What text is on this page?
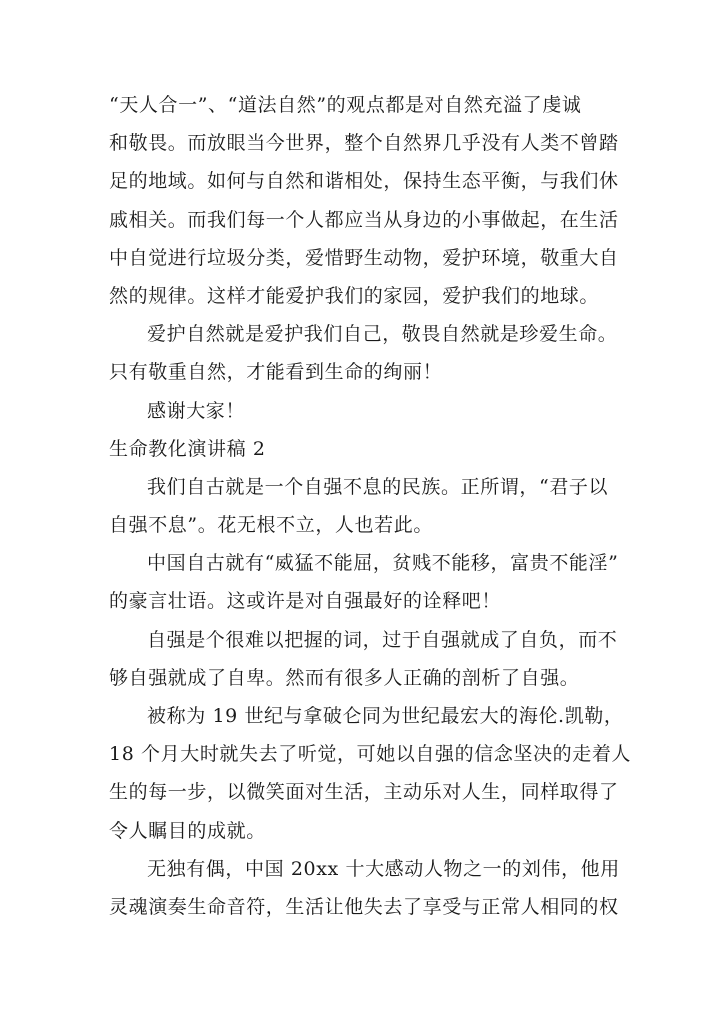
“天人合一”、“道法自然”的观点都是对自然充溢了虔诚
和敬畏。而放眼当今世界，整个自然界几乎没有人类不曾踏
足的地域。如何与自然和谐相处，保持生态平衡，与我们休
戚相关。而我们每一个人都应当从身边的小事做起，在生活
中自觉进行垃圾分类，爱惜野生动物，爱护环境，敬重大自
然的规律。这样才能爱护我们的家园，爱护我们的地球。
爱护自然就是爱护我们自己，敬畏自然就是珍爱生命。
只有敬重自然，才能看到生命的绚丽！
感谢大家！
生命教化演讲稿 2
我们自古就是一个自强不息的民族。正所谓，“君子以
自强不息”。花无根不立，人也若此。
中国自古就有“威猛不能屈，贫贱不能移，富贵不能淫”
的豪言壮语。这或许是对自强最好的诠释吧！
自强是个很难以把握的词，过于自强就成了自负，而不
够自强就成了自卑。然而有很多人正确的剖析了自强。
被称为 19 世纪与拿破仑同为世纪最宏大的海伦.凯勒，
18 个月大时就失去了听觉，可她以自强的信念坚决的走着人
生的每一步，以微笑面对生活，主动乐对人生，同样取得了
令人瞩目的成就。
无独有偶，中国 20xx 十大感动人物之一的刘伟，他用
灵魂演奏生命音符，生活让他失去了享受与正常人相同的权
